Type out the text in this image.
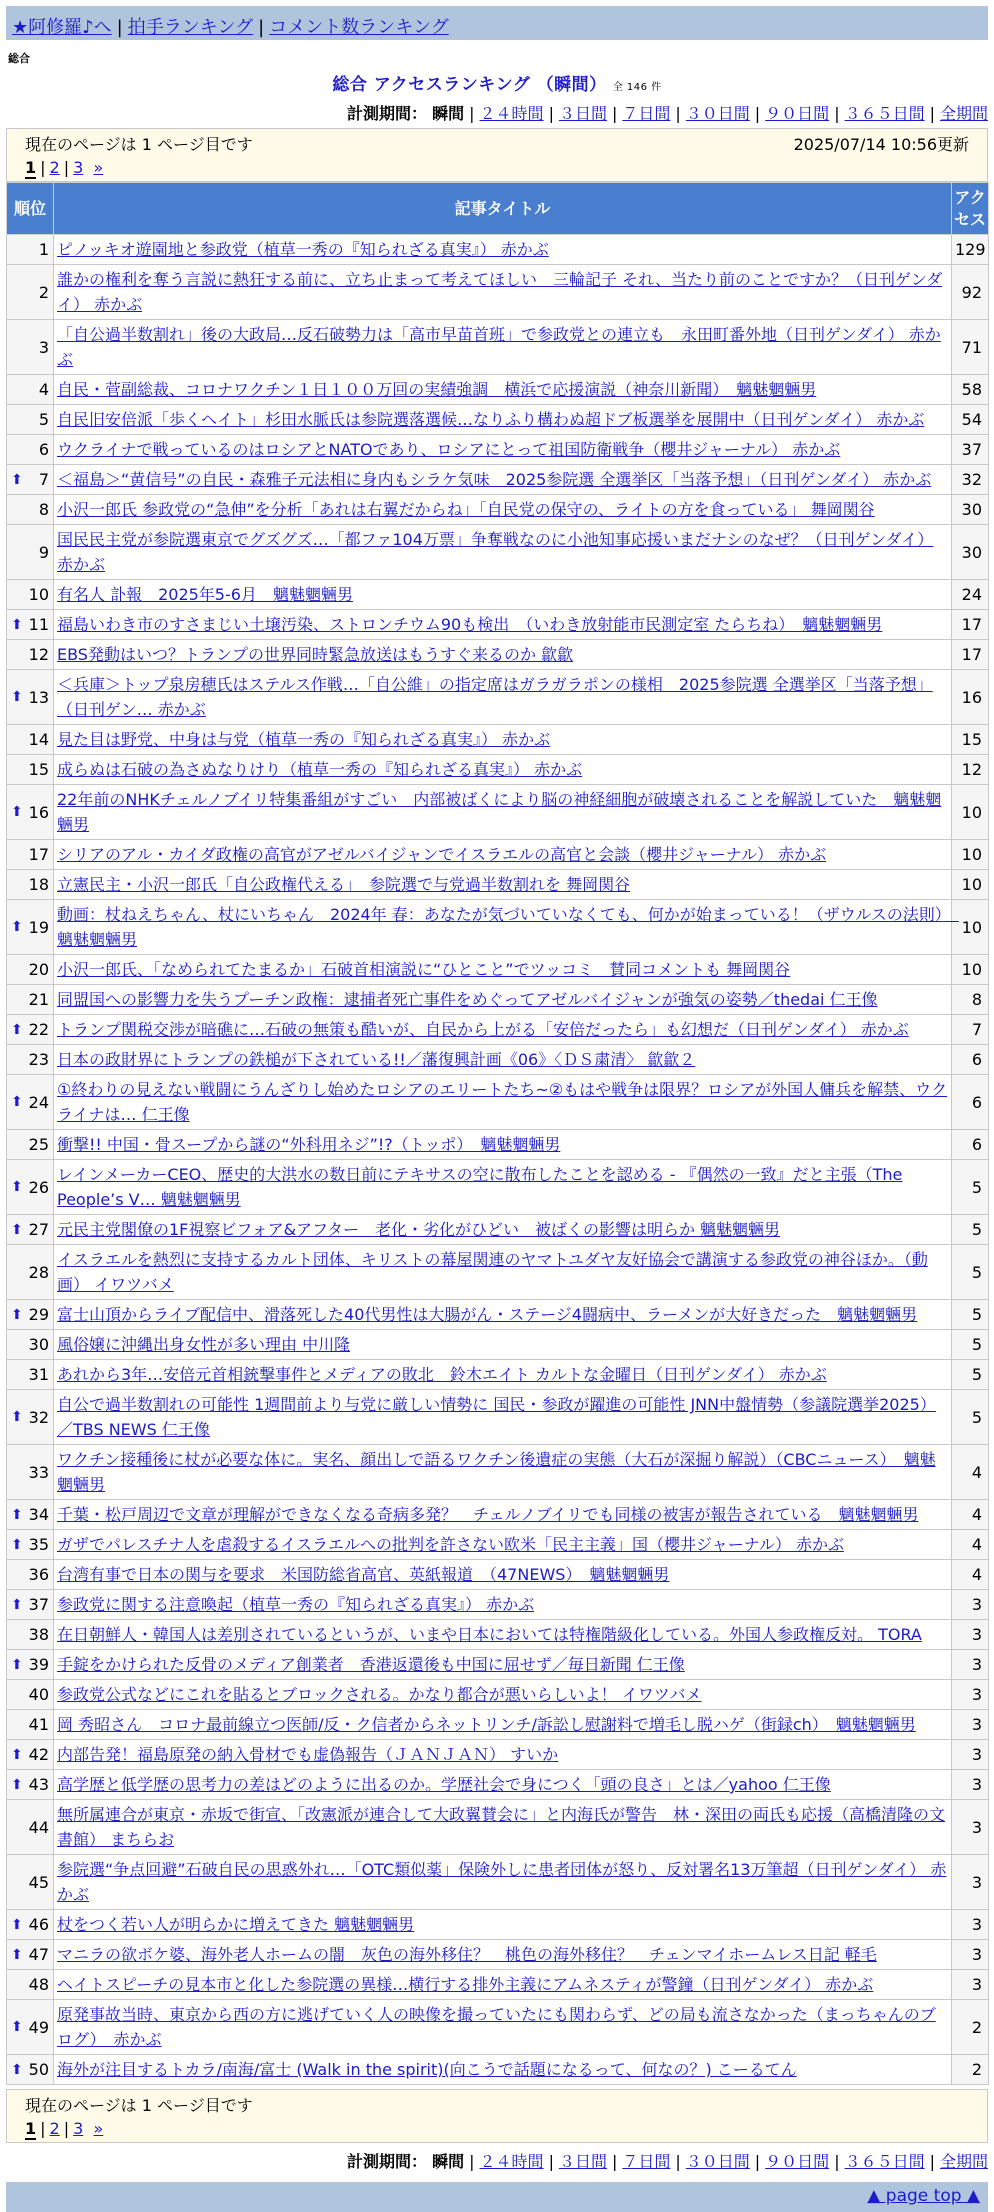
★阿修羅♪へ | 拍手ランキング | コメント数ランキング
総合
総合 アクセスランキング （瞬間） 全 146 件
計測期間： 瞬間 | ２４時間 | ３日間 | ７日間 | ３０日間 | ９０日間 | ３６５日間 | 全期間
現在のページは 1 ページ目です	2025/07/14 10:56更新
1 | 2 | 3 »
順位	記事タイトル	アクセス
1	ピノッキオ遊園地と参政党（植草一秀の『知られざる真実』） 赤かぶ	129
2	誰かの権利を奪う言説に熱狂する前に、立ち止まって考えてほしい　三輪記子 それ、当たり前のことですか？（日刊ゲンダイ） 赤かぶ	92
3	「自公過半数割れ」後の大政局…反石破勢力は「高市早苗首班」で参政党との連立も　永田町番外地（日刊ゲンダイ） 赤かぶ	71
4	自民・菅副総裁、コロナワクチン１日１００万回の実績強調　横浜で応援演説（神奈川新聞）　魑魅魍魎男	58
5	自民旧安倍派「歩くヘイト」杉田水脈氏は参院選落選候…なりふり構わぬ超ドブ板選挙を展開中（日刊ゲンダイ） 赤かぶ	54
6	ウクライナで戦っているのはロシアとNATOであり、ロシアにとって祖国防衛戦争（櫻井ジャーナル） 赤かぶ	37

⬆ 7	＜福島＞“黄信号”の自民・森雅子元法相に身内もシラケ気味　2025参院選 全選挙区「当落予想」（日刊ゲンダイ） 赤かぶ	32
8	小沢一郎氏 参政党の“急伸”を分析「あれは右翼だからね」「自民党の保守の、ライトの方を食っている」 舞岡関谷	30
9	国民民主党が参院選東京でグズグズ…「都ファ104万票」争奪戦なのに小池知事応援いまだナシのなぜ？（日刊ゲンダイ） 赤かぶ	30
10	有名人 訃報　2025年5-6月　魑魅魍魎男	24

⬆ 11	福島いわき市のすさまじい土壌汚染、ストロンチウム90も検出　（いわき放射能市民測定室 たらちね）　魑魅魍魎男	17
12	EBS発動はいつ？トランプの世界同時緊急放送はもうすぐ来るのか 歙歙	17

⬆ 13	＜兵庫＞トップ泉房穂氏はステルス作戦…「自公維」の指定席はガラガラポンの様相　2025参院選 全選挙区「当落予想」（日刊ゲン… 赤かぶ	16
14	見た目は野党、中身は与党（植草一秀の『知られざる真実』） 赤かぶ	15
15	成らぬは石破の為さぬなりけり（植草一秀の『知られざる真実』） 赤かぶ	12

⬆ 16	22年前のNHKチェルノブイリ特集番組がすごい　内部被ばくにより脳の神経細胞が破壊されることを解説していた　魑魅魍魎男	10
17	シリアのアル・カイダ政権の高官がアゼルバイジャンでイスラエルの高官と会談（櫻井ジャーナル） 赤かぶ	10
18	立憲民主・小沢一郎氏「自公政権代える」　参院選で与党過半数割れを 舞岡関谷	10

⬆ 19	動画：杖ねえちゃん、杖にいちゃん　2024年 春：あなたが気づいていなくても、何かが始まっている！（ザウルスの法則）　魑魅魍魎男	10
20	小沢一郎氏、「なめられてたまるか」石破首相演説に“ひとこと”でツッコミ　賛同コメントも 舞岡関谷	10
21	同盟国への影響力を失うプーチン政権：逮捕者死亡事件をめぐってアゼルバイジャンが強気の姿勢／thedai 仁王像	8

⬆ 22	トランプ関税交渉が暗礁に…石破の無策も酷いが、自民から上がる「安倍だったら」も幻想だ（日刊ゲンダイ） 赤かぶ	7
23	日本の政財界にトランプの鉄槌が下されている!!／藩復興計画《06》〈ＤＳ粛清〉 歙歙２	6

⬆ 24	①終わりの見えない戦闘にうんざりし始めたロシアのエリートたち~②もはや戦争は限界？ロシアが外国人傭兵を解禁、ウクライナは… 仁王像	6
25	衝撃!! 中国・骨スープから謎の“外科用ネジ”!?（トッポ）　魑魅魍魎男	6

⬆ 26	レインメーカーCEO、歴史的大洪水の数日前にテキサスの空に散布したことを認める - 『偶然の一致』だと主張（The People’s V… 魑魅魍魎男	5

⬆ 27	元民主党閣僚の1F視察ビフォア&アフター　老化・劣化がひどい　被ばくの影響は明らか 魑魅魍魎男	5
28	イスラエルを熱烈に支持するカルト団体、キリストの幕屋関連のヤマトユダヤ友好協会で講演する参政党の神谷ほか。（動画） イワツバメ	5

⬆ 29	富士山頂からライブ配信中、滑落死した40代男性は大腸がん・ステージ4闘病中、ラーメンが大好きだった　魑魅魍魎男	5
30	風俗嬢に沖縄出身女性が多い理由 中川隆	5
31	あれから3年…安倍元首相銃撃事件とメディアの敗北　鈴木エイト カルトな金曜日（日刊ゲンダイ） 赤かぶ	5

⬆ 32	自公で過半数割れの可能性 1週間前より与党に厳しい情勢に 国民・参政が躍進の可能性 JNN中盤情勢（参議院選挙2025）／TBS NEWS 仁王像	5
33	ワクチン接種後に杖が必要な体に。実名、顔出しで語るワクチン後遺症の実態（大石が深掘り解説）（CBCニュース）　魑魅魍魎男	4

⬆ 34	千葉・松戸周辺で文章が理解ができなくなる奇病多発？　チェルノブイリでも同様の被害が報告されている　魑魅魍魎男	4

⬆ 35	ガザでパレスチナ人を虐殺するイスラエルへの批判を許さない欧米「民主主義」国（櫻井ジャーナル） 赤かぶ	4
36	台湾有事で日本の関与を要求　米国防総省高官、英紙報道　（47NEWS）　魑魅魍魎男	4

⬆ 37	参政党に関する注意喚起（植草一秀の『知られざる真実』） 赤かぶ	3
38	在日朝鮮人・韓国人は差別されているというが、いまや日本においては特権階級化している。外国人参政権反対。 TORA	3

⬆ 39	手錠をかけられた反骨のメディア創業者　香港返還後も中国に屈せず／毎日新聞 仁王像	3
40	参政党公式などにこれを貼るとブロックされる。かなり都合が悪いらしいよ！ イワツバメ	3
41	岡 秀昭さん　コロナ最前線立つ医師/反・ク信者からネットリンチ/訴訟し慰謝料で増毛し脱ハゲ（街録ch）　魑魅魍魎男	3

⬆ 42	内部告発！福島原発の納入骨材でも虚偽報告（ＪＡＮＪＡＮ） すいか	3

⬆ 43	高学歴と低学歴の思考力の差はどのように出るのか。学歴社会で身につく「頭の良さ」とは／yahoo 仁王像	3
44	無所属連合が東京・赤坂で街宣、「改憲派が連合して大政翼賛会に」と内海氏が警告　林・深田の両氏も応援（高橋清隆の文書館） まちらお	3
45	参院選“争点回避”石破自民の思惑外れ…「OTC類似薬」保険外しに患者団体が怒り、反対署名13万筆超（日刊ゲンダイ） 赤かぶ	3

⬆ 46	杖をつく若い人が明らかに増えてきた 魑魅魍魎男	3

⬆ 47	マニラの欲ボケ婆、海外老人ホームの闇　灰色の海外移住？　桃色の海外移住？　チェンマイホームレス日記 軽毛	3
48	ヘイトスピーチの見本市と化した参院選の異様…横行する排外主義にアムネスティが警鐘（日刊ゲンダイ） 赤かぶ	3

⬆ 49	原発事故当時、東京から西の方に逃げていく人の映像を撮っていたにも関わらず、どの局も流さなかった（まっちゃんのブログ）　赤かぶ	2

⬆ 50	海外が注目するトカラ/南海/富士 (Walk in the spirit)(向こうで話題になるって、何なの？) こーるてん	2
現在のページは 1 ページ目です
1 | 2 | 3 »
計測期間： 瞬間 | ２４時間 | ３日間 | ７日間 | ３０日間 | ９０日間 | ３６５日間 | 全期間
▲ page top ▲
